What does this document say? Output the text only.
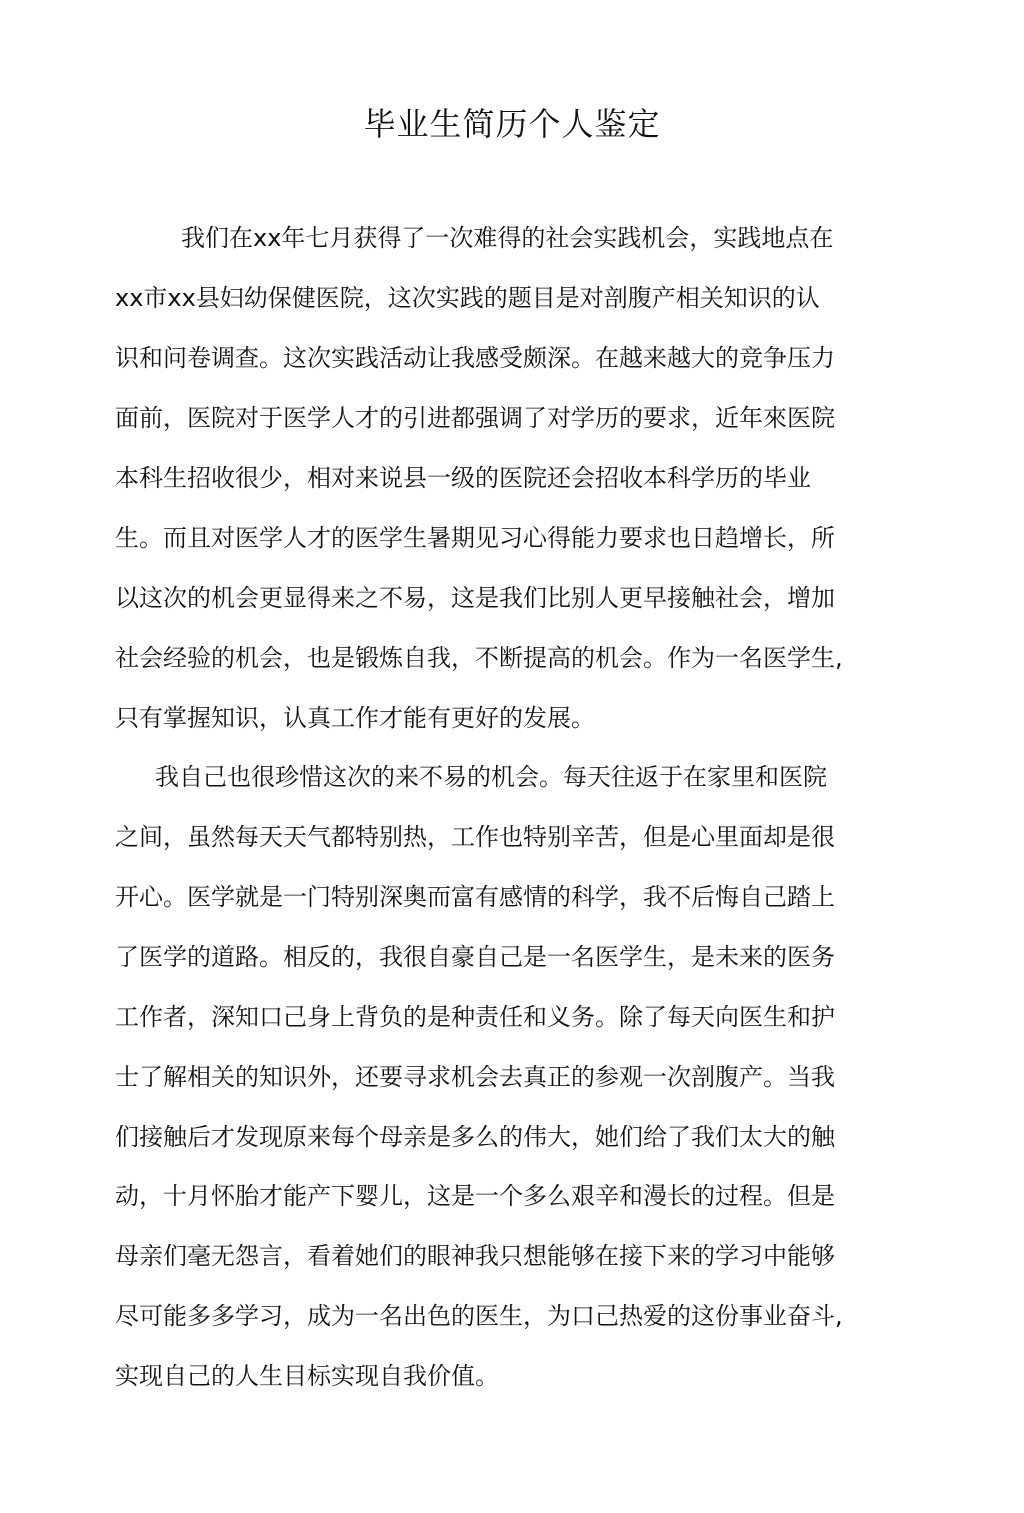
毕业生简历个人鉴定

我们在xx年七月获得了一次难得的社会实践机会，实践地点在

xx市xx县妇幼保健医院，这次实践的题目是对剖腹产相关知识的认

识和问卷调查。这次实践活动让我感受颇深。在越来越大的竞争压力

面前，医院对于医学人才的引进都强调了对学历的要求，近年來医院

本科生招收很少，相对来说县一级的医院还会招收本科学历的毕业

生。而且对医学人才的医学生暑期见习心得能力要求也日趋增长，所

以这次的机会更显得来之不易，这是我们比别人更早接触社会，增加

社会经验的机会，也是锻炼自我，不断提高的机会。作为一名医学生,

只有掌握知识，认真工作才能有更好的发展。

我自己也很珍惜这次的来不易的机会。每天往返于在家里和医院

之间，虽然每天天气都特别热，工作也特别辛苦，但是心里面却是很

开心。医学就是一门特别深奥而富有感情的科学，我不后悔自己踏上

了医学的道路。相反的，我很自豪自己是一名医学生，是未来的医务

工作者，深知口己身上背负的是种责任和义务。除了每天向医生和护

士了解相关的知识外，还要寻求机会去真正的参观一次剖腹产。当我

们接触后才发现原来每个母亲是多么的伟大，她们给了我们太大的触

动，十月怀胎才能产下婴儿，这是一个多么艰辛和漫长的过程。但是

母亲们毫无怨言，看着她们的眼神我只想能够在接下来的学习中能够

尽可能多多学习，成为一名出色的医生，为口己热爱的这份事业奋斗,

实现自己的人生目标实现自我价值。
